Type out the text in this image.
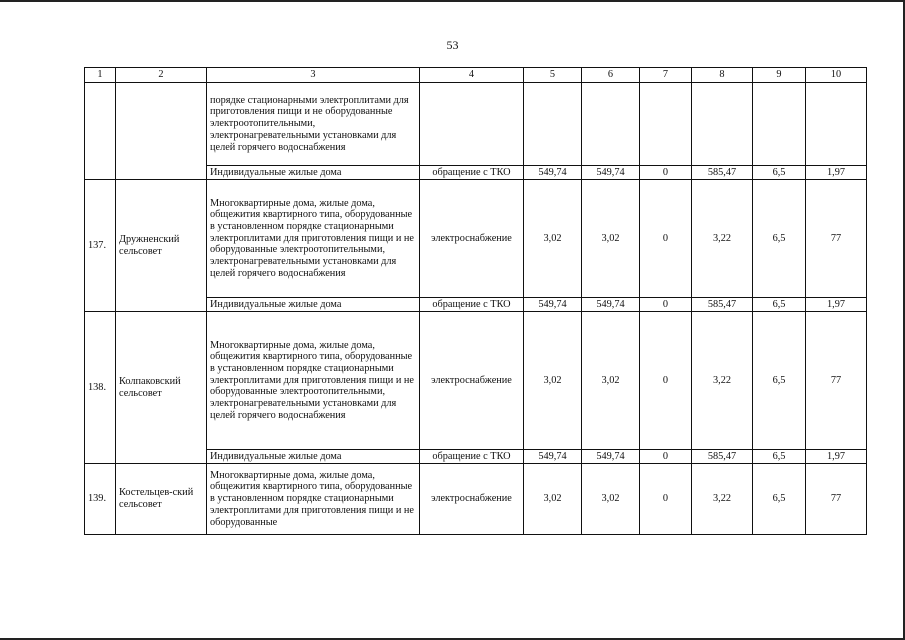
53
1	2	3	4	5	6	7	8	9	10
		порядке стационарными электроплитами для приготовления пищи и не оборудованные электроотопительными, электронагревательными установками для целей горячего водоснабжения							
		Индивидуальные жилые дома	обращение с ТКО	549,74	549,74	0	585,47	6,5	1,97
137.	Дружненский сельсовет	Многоквартирные дома, жилые дома, общежития квартирного типа, оборудованные в установленном порядке стационарными электроплитами для приготовления пищи и не оборудованные электроотопительными, электронагревательными установками для целей горячего водоснабжения	электроснабжение	3,02	3,02	0	3,22	6,5	77
		Индивидуальные жилые дома	обращение с ТКО	549,74	549,74	0	585,47	6,5	1,97
138.	Колпаковский сельсовет	Многоквартирные дома, жилые дома, общежития квартирного типа, оборудованные в установленном порядке стационарными электроплитами для приготовления пищи и не оборудованные электроотопительными, электронагревательными установками для целей горячего водоснабжения	электроснабжение	3,02	3,02	0	3,22	6,5	77
		Индивидуальные жилые дома	обращение с ТКО	549,74	549,74	0	585,47	6,5	1,97
139.	Костельцев-ский сельсовет	Многоквартирные дома, жилые дома, общежития квартирного типа, оборудованные в установленном порядке стационарными электроплитами для приготовления пищи и не оборудованные	электроснабжение	3,02	3,02	0	3,22	6,5	77
